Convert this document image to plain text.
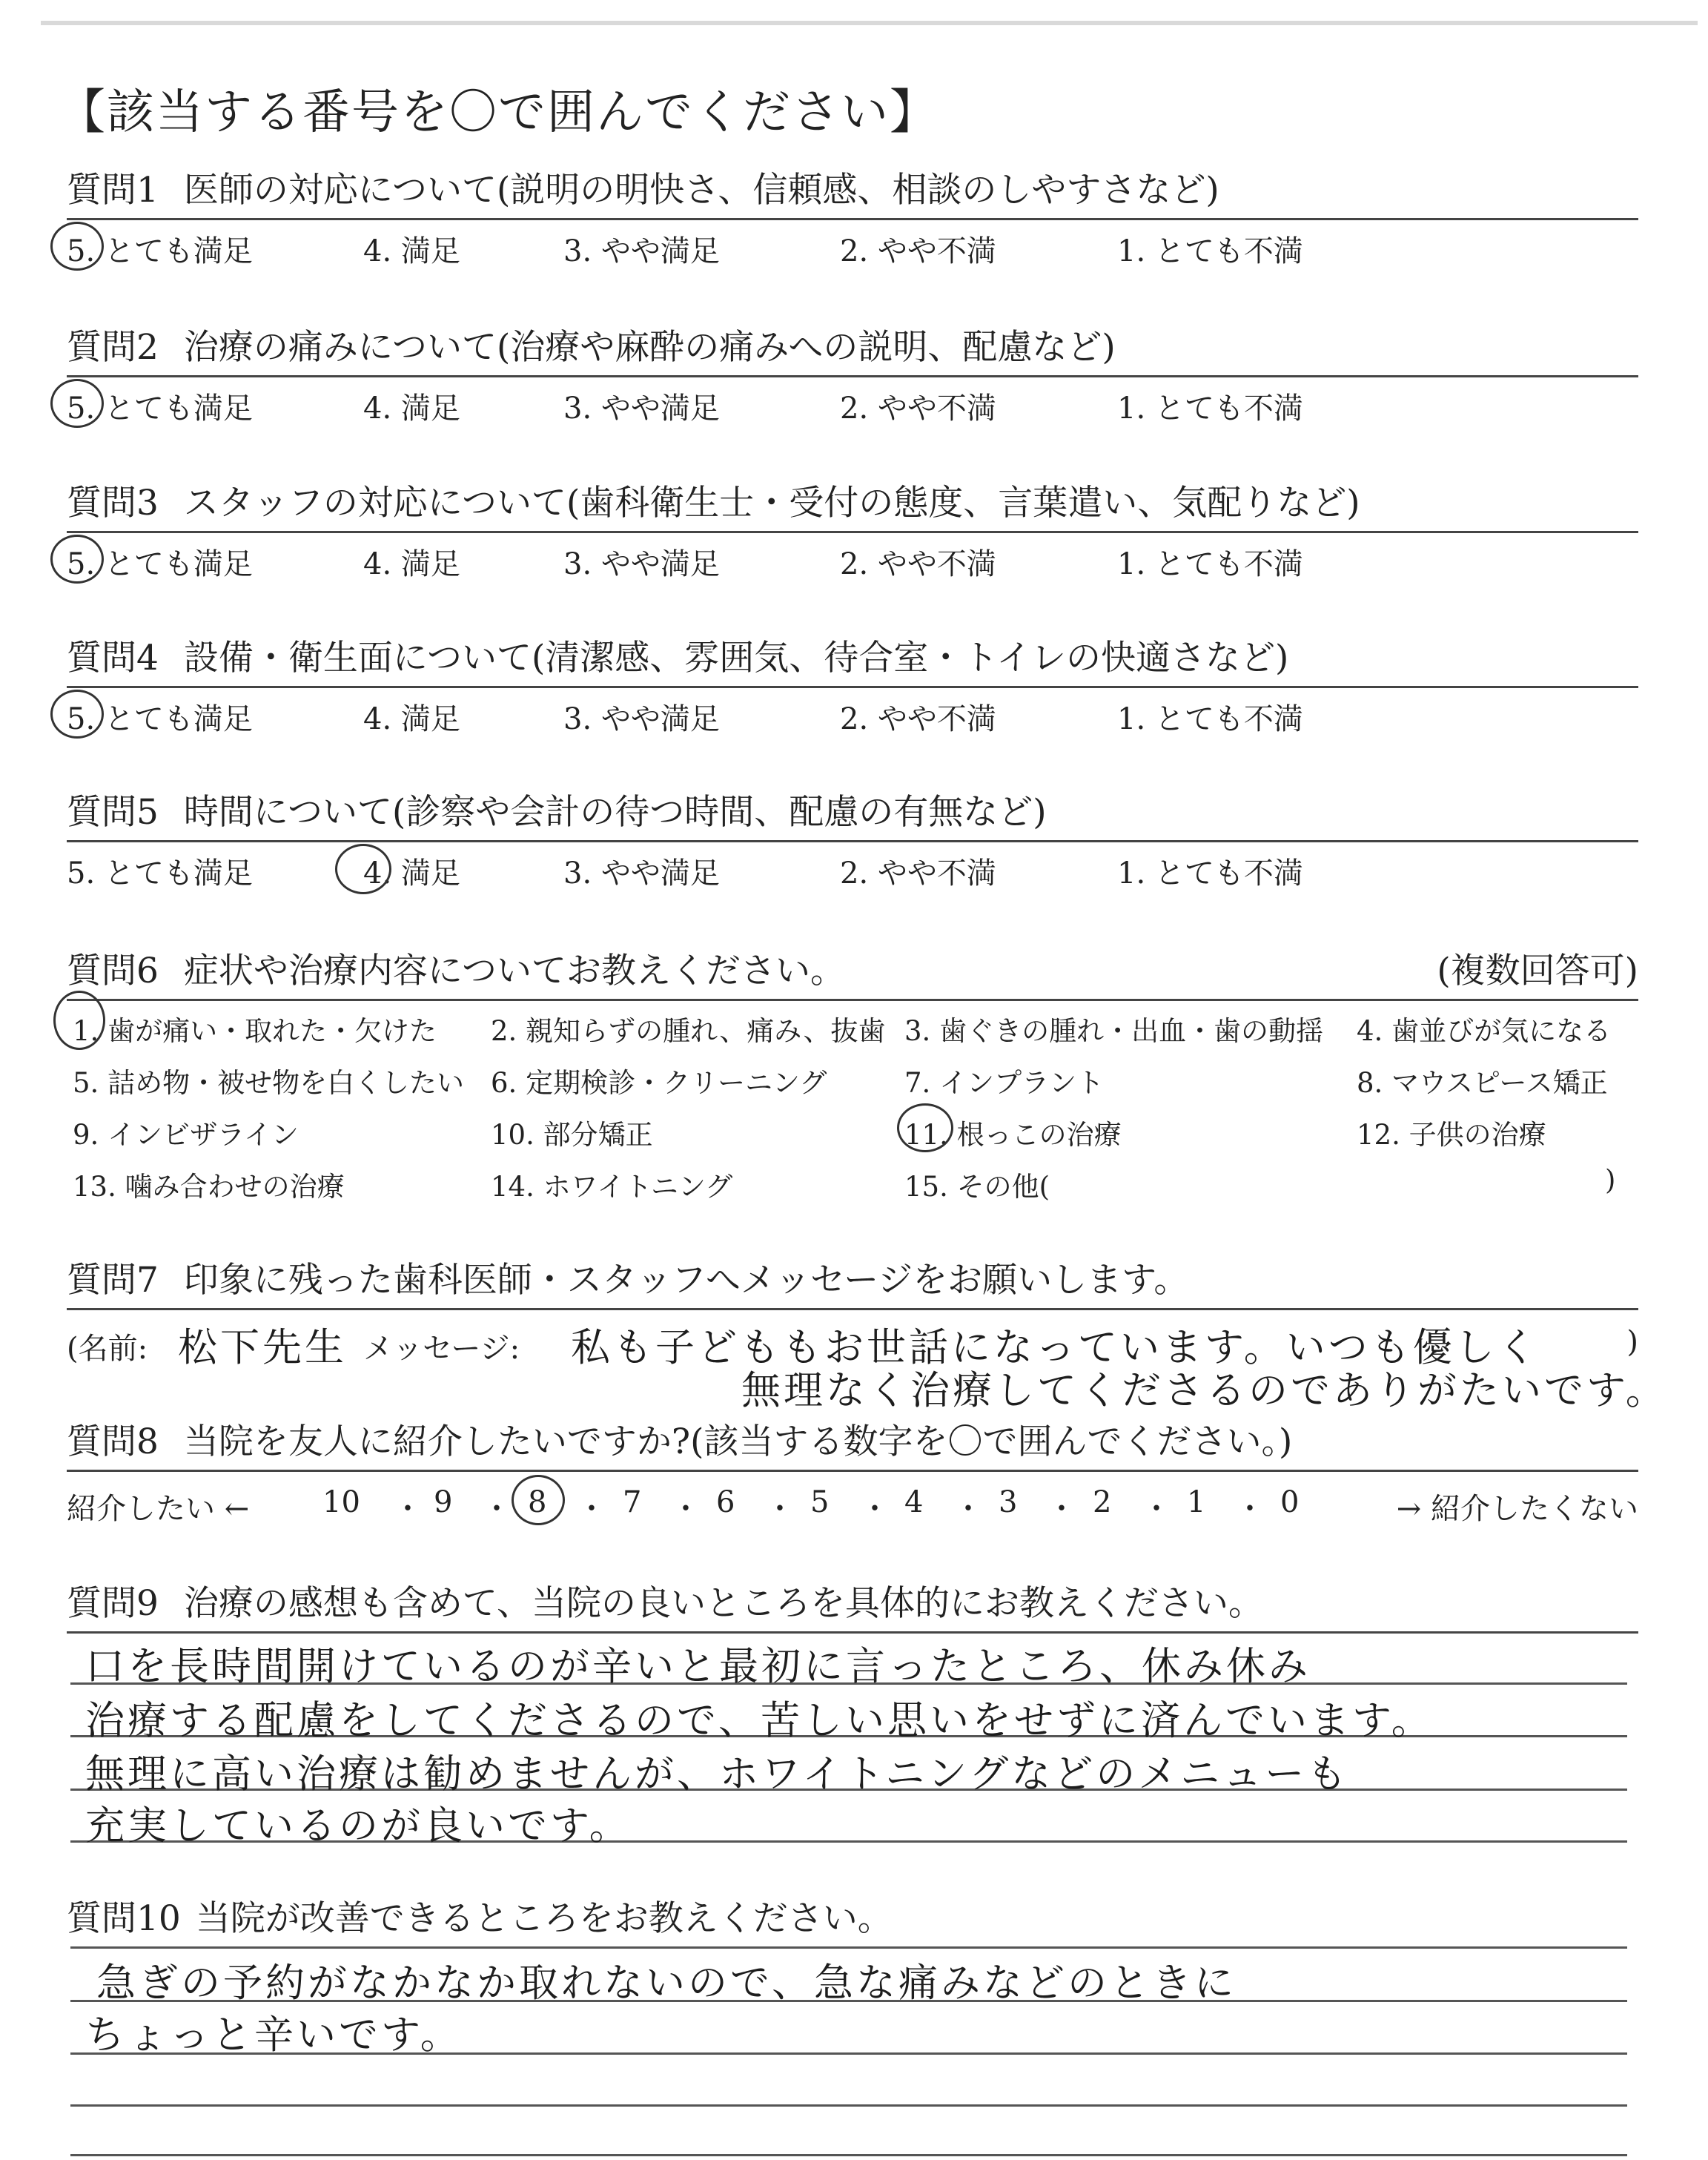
【該当する番号を〇で囲んでください】
質問1 医師の対応について(説明の明快さ、信頼感、相談のしやすさなど)
5. とても満足	4. 満足	3. やや満足	2. やや不満	1. とても不満
質問2 治療の痛みについて(治療や麻酔の痛みへの説明、配慮など)
5. とても満足	4. 満足	3. やや満足	2. やや不満	1. とても不満
質問3 スタッフの対応について(歯科衛生士・受付の態度、言葉遣い、気配りなど)
5. とても満足	4. 満足	3. やや満足	2. やや不満	1. とても不満
質問4 設備・衛生面について(清潔感、雰囲気、待合室・トイレの快適さなど)
5. とても満足	4. 満足	3. やや満足	2. やや不満	1. とても不満
質問5 時間について(診察や会計の待つ時間、配慮の有無など)
5. とても満足	4. 満足	3. やや満足	2. やや不満	1. とても不満
質問6 症状や治療内容についてお教えください。	(複数回答可)
1. 歯が痛い・取れた・欠けた 2. 親知らずの腫れ、痛み、抜歯 3. 歯ぐきの腫れ・出血・歯の動揺 4. 歯並びが気になる
5. 詰め物・被せ物を白くしたい 6. 定期検診・クリーニング	7. インプラント	8. マウスピース矯正
9. インビザライン	10. 部分矯正	11. 根っこの治療	12. 子供の治療
13. 噛み合わせの治療	14. ホワイトニング	15. その他(	)
質問7 印象に残った歯科医師・スタッフへメッセージをお願いします。
(名前: 松下先生 メッセージ: 私も子どももお世話になっています。いつも優しく
無理なく治療してくださるのでありがたいです。
)
質問8 当院を友人に紹介したいですか?(該当する数字を〇で囲んでください。)
紹介したい ← 10 ・ 9 ・ 8 ・ 7 ・ 6 ・ 5 ・ 4 ・ 3 ・ 2 ・ 1 ・ 0	→ 紹介したくない
質問9 治療の感想も含めて、当院の良いところを具体的にお教えください。
口を長時間開けているのが辛いと最初に言ったところ、休み休み
治療する配慮をしてくださるので、苦しい思いをせずに済んでいます。
無理に高い治療は勧めませんが、ホワイトニングなどのメニューも
充実しているのが良いです。
質問10 当院が改善できるところをお教えください。
急ぎの予約がなかなか取れないので、急な痛みなどのときに
ちょっと辛いです。
